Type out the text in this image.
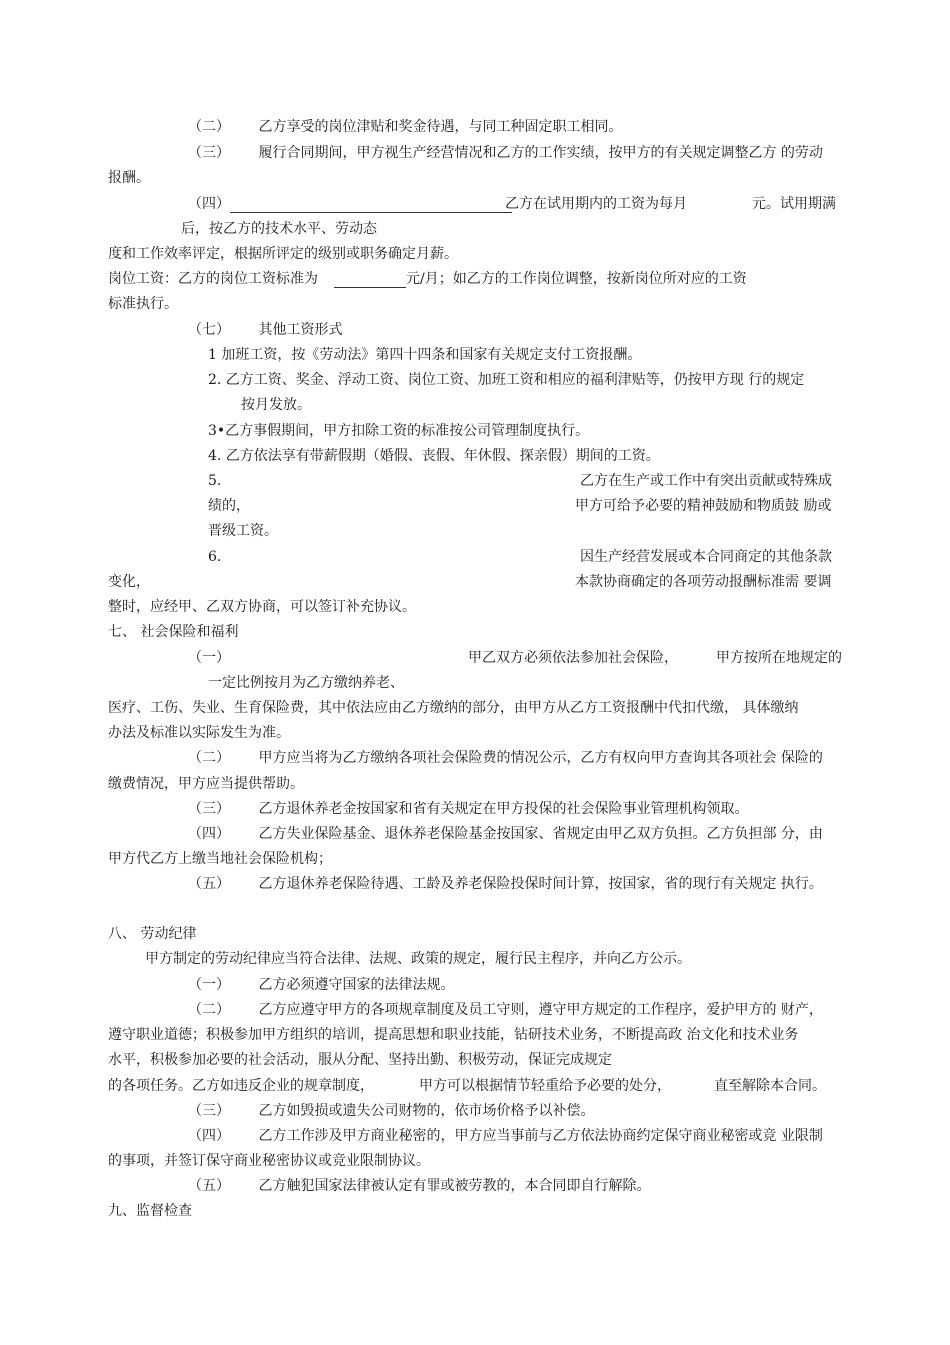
（二） 乙方享受的岗位津贴和奖金待遇，与同工种固定职工相同。
（三） 履行合同期间，甲方视生产经营情况和乙方的工作实绩，按甲方的有关规定调整乙方 的劳动
报酬。
（四）	乙方在试用期内的工资为每月	元。试用期满
后，按乙方的技术水平、劳动态
度和工作效率评定，根据所评定的级别或职务确定月薪。
岗位工资：乙方的岗位工资标准为	元/月；如乙方的工作岗位调整，按新岗位所对应的工资
标准执行。
（七） 其他工资形式
1 加班工资，按《劳动法》第四十四条和国家有关规定支付工资报酬。
2. 乙方工资、奖金、浮动工资、岗位工资、加班工资和相应的福利津贴等，仍按甲方现 行的规定
按月发放。
3•乙方事假期间，甲方扣除工资的标准按公司管理制度执行。
4. 乙方依法享有带薪假期（婚假、丧假、年休假、探亲假）期间的工资。
5.	乙方在生产或工作中有突出贡献或特殊成
绩的，	甲方可给予必要的精神鼓励和物质鼓 励或
晋级工资。
6.	因生产经营发展或本合同商定的其他条款
变化，	本款协商确定的各项劳动报酬标准需 要调
整时，应经甲、乙双方协商，可以签订补充协议。
七、 社会保险和福利
（一）	甲乙双方必须依法参加社会保险，	甲方按所在地规定的
一定比例按月为乙方缴纳养老、
医疗、工伤、失业、生育保险费，其中依法应由乙方缴纳的部分，由甲方从乙方工资报酬中代扣代缴， 具体缴纳
办法及标准以实际发生为准。
（二） 甲方应当将为乙方缴纳各项社会保险费的情况公示，乙方有权向甲方查询其各项社会 保险的
缴费情况，甲方应当提供帮助。
（三） 乙方退休养老金按国家和省有关规定在甲方投保的社会保险事业管理机构领取。
（四） 乙方失业保险基金、退休养老保险基金按国家、省规定由甲乙双方负担。乙方负担部 分，由
甲方代乙方上缴当地社会保险机构；
（五） 乙方退休养老保险待遇、工龄及养老保险投保时间计算，按国家，省的现行有关规定 执行。
八、 劳动纪律
甲方制定的劳动纪律应当符合法律、法规、政策的规定，履行民主程序，并向乙方公示。
（一） 乙方必须遵守国家的法律法规。
（二） 乙方应遵守甲方的各项规章制度及员工守则，遵守甲方规定的工作程序，爱护甲方的 财产，
遵守职业道德；积极参加甲方组织的培训，提高思想和职业技能，钻研技术业务，不断提高政 治文化和技术业务
水平，积极参加必要的社会活动，服从分配、坚持出勤、积极劳动，保证完成规定
的各项任务。乙方如违反企业的规章制度，	甲方可以根据情节轻重给予必要的处分，	直至解除本合同。
（三） 乙方如毁损或遗失公司财物的，依市场价格予以补偿。
（四） 乙方工作涉及甲方商业秘密的，甲方应当事前与乙方依法协商约定保守商业秘密或竞 业限制
的事项，并签订保守商业秘密协议或竞业限制协议。
（五） 乙方触犯国家法律被认定有罪或被劳教的，本合同即自行解除。
九、监督检查
